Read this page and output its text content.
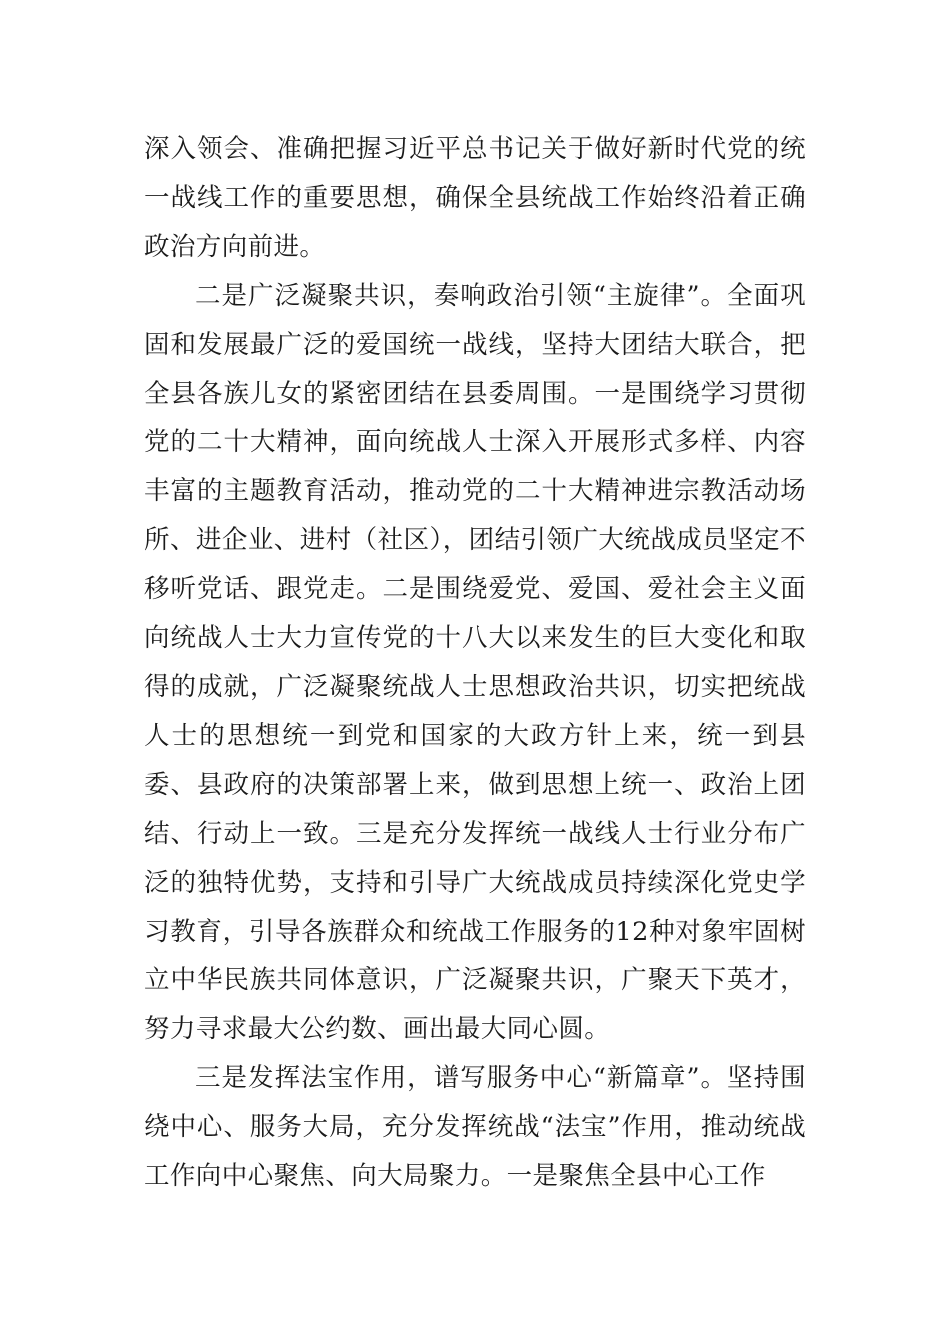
深入领会、准确把握习近平总书记关于做好新时代党的统一战线工作的重要思想，确保全县统战工作始终沿着正确政治方向前进。

二是广泛凝聚共识，奏响政治引领“主旋律”。全面巩固和发展最广泛的爱国统一战线，坚持大团结大联合，把全县各族儿女的紧密团结在县委周围。一是围绕学习贯彻党的二十大精神，面向统战人士深入开展形式多样、内容丰富的主题教育活动，推动党的二十大精神进宗教活动场所、进企业、进村（社区），团结引领广大统战成员坚定不移听党话、跟党走。二是围绕爱党、爱国、爱社会主义面向统战人士大力宣传党的十八大以来发生的巨大变化和取得的成就，广泛凝聚统战人士思想政治共识，切实把统战人士的思想统一到党和国家的大政方针上来，统一到县委、县政府的决策部署上来，做到思想上统一、政治上团结、行动上一致。三是充分发挥统一战线人士行业分布广泛的独特优势，支持和引导广大统战成员持续深化党史学习教育，引导各族群众和统战工作服务的12种对象牢固树立中华民族共同体意识，广泛凝聚共识，广聚天下英才，努力寻求最大公约数、画出最大同心圆。

三是发挥法宝作用，谱写服务中心“新篇章”。坚持围绕中心、服务大局，充分发挥统战“法宝”作用，推动统战工作向中心聚焦、向大局聚力。一是聚焦全县中心工作
